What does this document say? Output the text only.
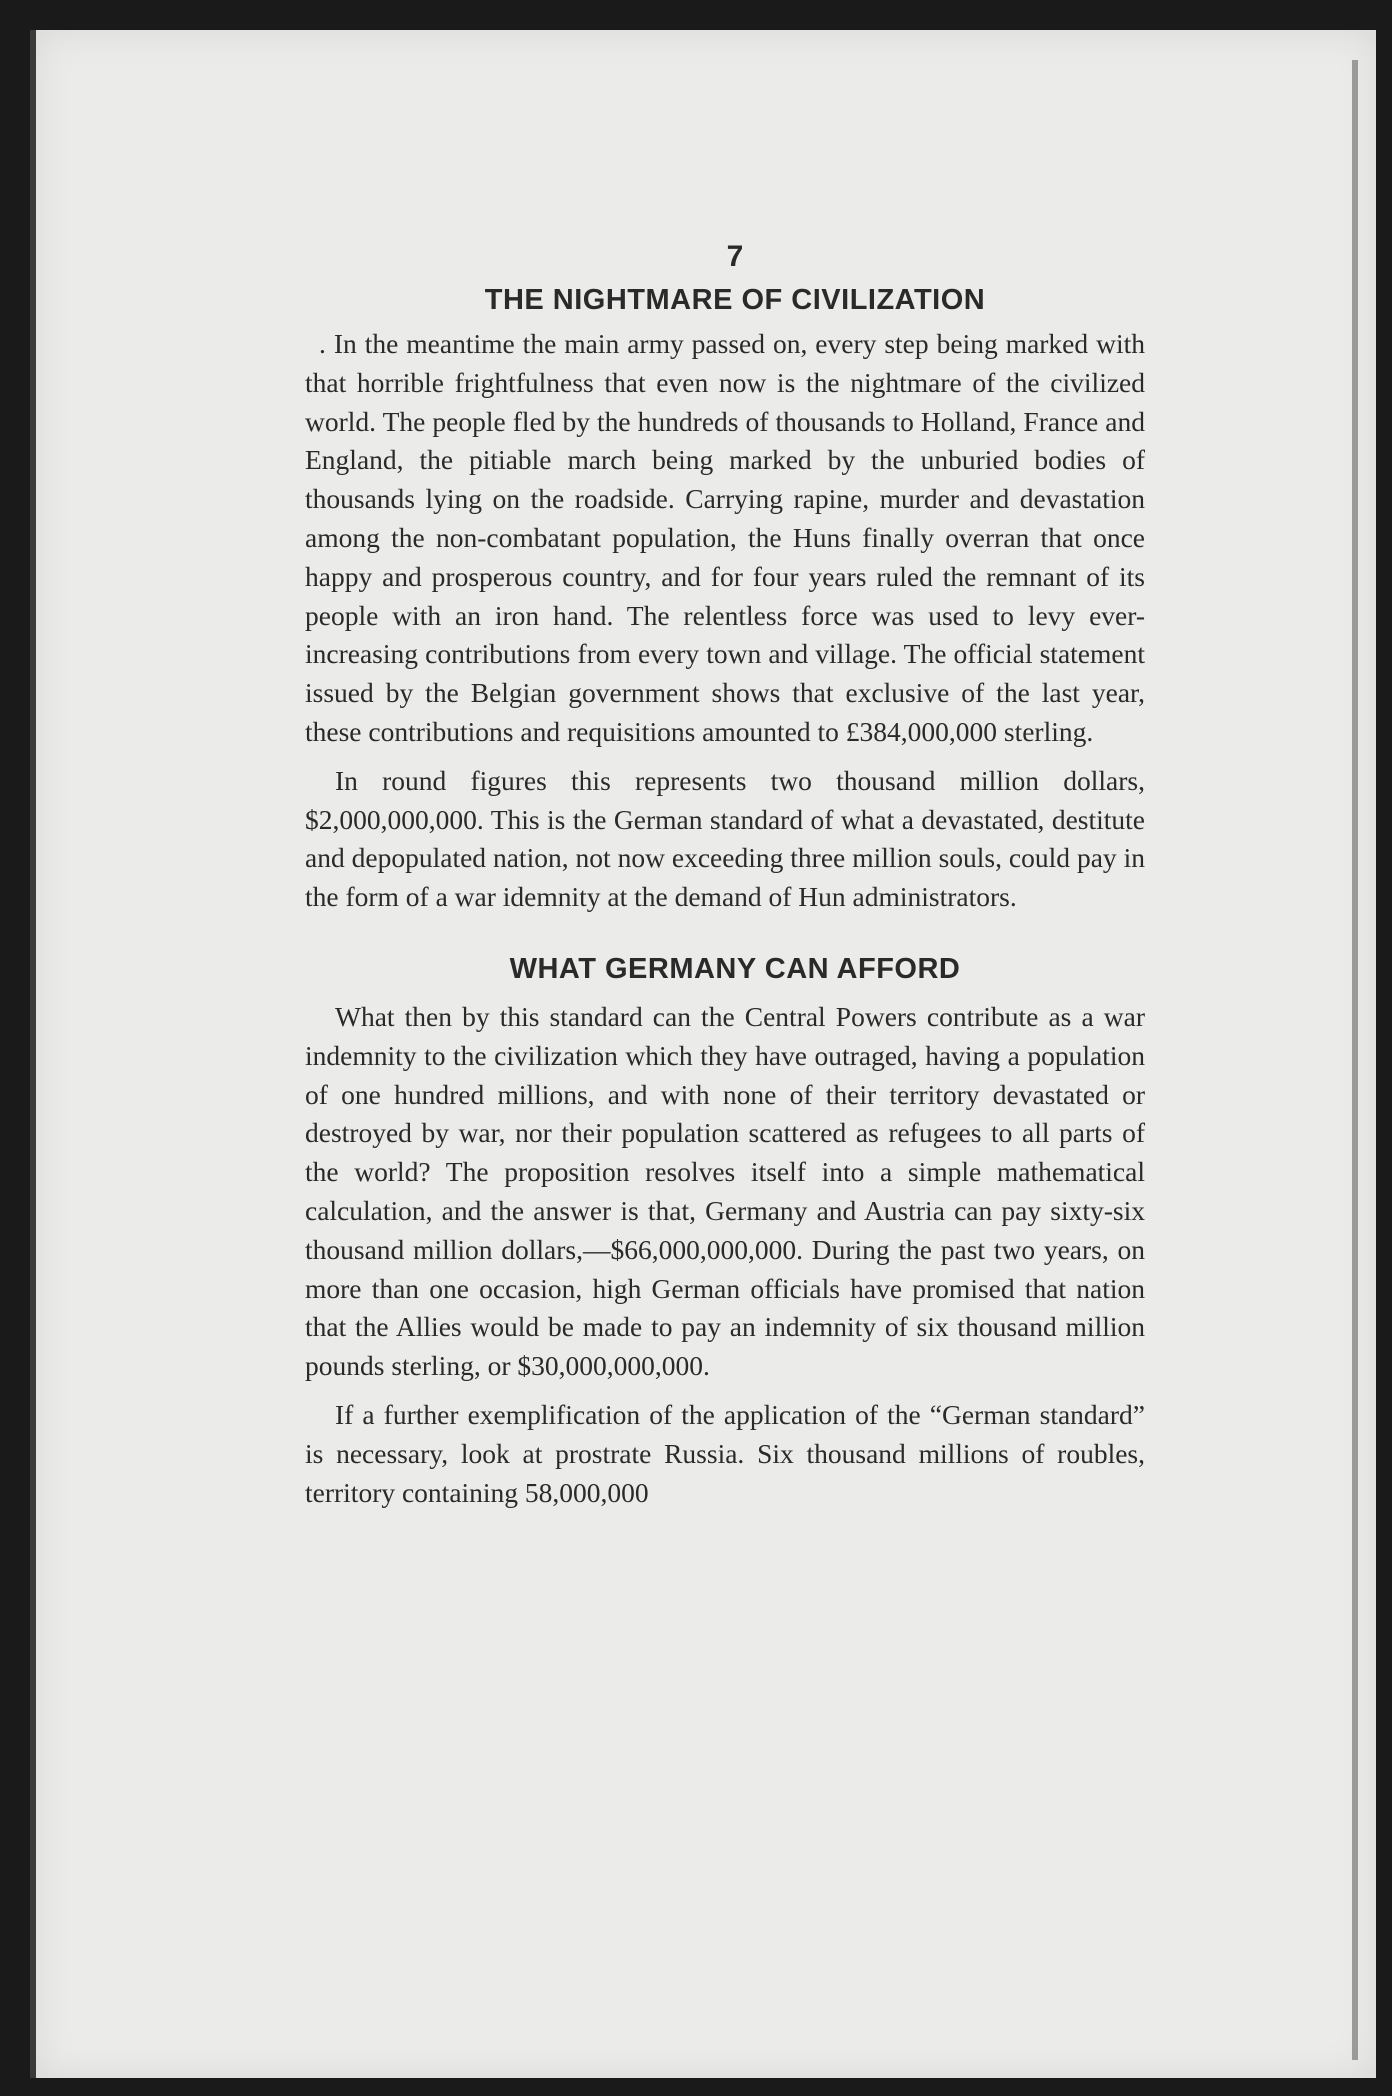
7
THE NIGHTMARE OF CIVILIZATION

. In the meantime the main army passed on, every step being marked with that horrible frightfulness that even now is the nightmare of the civilized world. The people fled by the hundreds of thousands to Holland, France and England, the pitiable march being marked by the unburied bodies of thousands lying on the roadside. Carrying rapine, murder and devastation among the non-combatant population, the Huns finally overran that once happy and prosperous country, and for four years ruled the remnant of its people with an iron hand. The relentless force was used to levy ever-increasing contributions from every town and village. The official statement issued by the Belgian government shows that exclusive of the last year, these contributions and requisitions amounted to £384,000,000 sterling.

In round figures this represents two thousand million dollars, $2,000,000,000. This is the German standard of what a devastated, destitute and depopulated nation, not now exceeding three million souls, could pay in the form of a war idemnity at the demand of Hun administrators.

WHAT GERMANY CAN AFFORD

What then by this standard can the Central Powers contribute as a war indemnity to the civilization which they have outraged, having a population of one hundred millions, and with none of their territory devastated or destroyed by war, nor their population scattered as refugees to all parts of the world? The proposition resolves itself into a simple mathematical calculation, and the answer is that, Germany and Austria can pay sixty-six thousand million dollars,—$66,000,000,000. During the past two years, on more than one occasion, high German officials have promised that nation that the Allies would be made to pay an indemnity of six thousand million pounds sterling, or $30,000,000,000.

If a further exemplification of the application of the “German standard” is necessary, look at prostrate Russia. Six thousand millions of roubles, territory containing 58,000,000
